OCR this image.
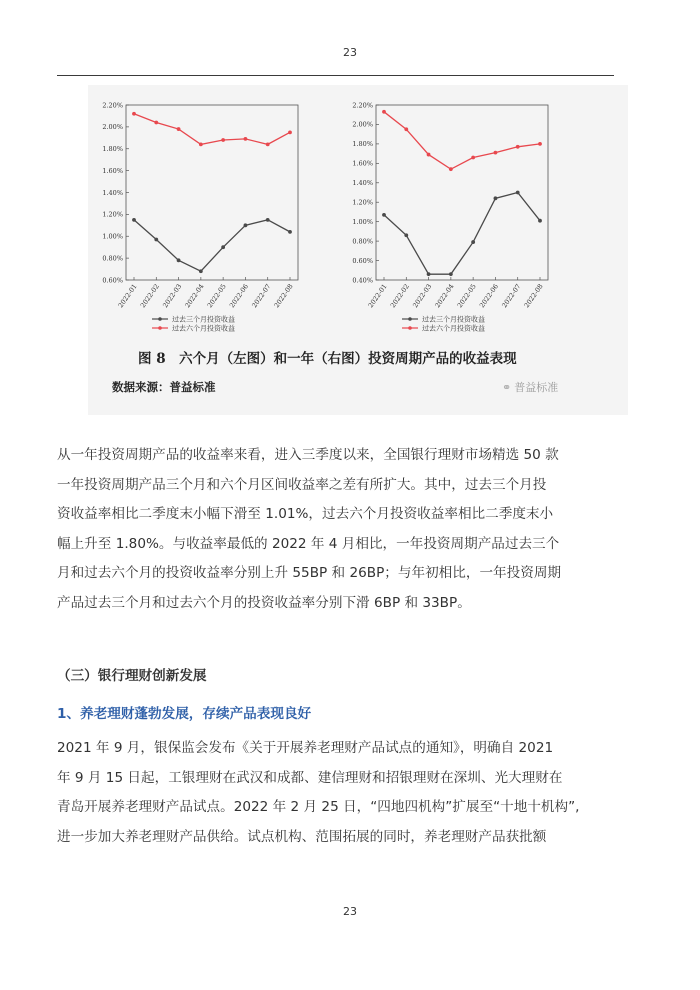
23
0.60%
0.80%
1.00%
1.20%
1.40%
1.60%
1.80%
2.00%
2.20%
2022-01 2022-02 2022-03 2022-04 2022-05 2022-06 2022-07 2022-08
过去三个月投资收益
过去六个月投资收益
0.40%
0.60%
0.80%
1.00%
1.20%
1.40%
1.60%
1.80%
2.00%
2.20%
2022-01 2022-02 2022-03 2022-04 2022-05 2022-06 2022-07 2022-08
过去三个月投资收益
过去六个月投资收益
图 8　六个月（左图）和一年（右图）投资周期产品的收益表现
数据来源：普益标准	⚭ 普益标准
从一年投资周期产品的收益率来看，进入三季度以来，全国银行理财市场精选 50 款
一年投资周期产品三个月和六个月区间收益率之差有所扩大。其中，过去三个月投
资收益率相比二季度末小幅下滑至 1.01%，过去六个月投资收益率相比二季度末小
幅上升至 1.80%。与收益率最低的 2022 年 4 月相比，一年投资周期产品过去三个
月和过去六个月的投资收益率分别上升 55BP 和 26BP；与年初相比，一年投资周期
产品过去三个月和过去六个月的投资收益率分别下滑 6BP 和 33BP。
（三）银行理财创新发展
1、养老理财蓬勃发展，存续产品表现良好
2021 年 9 月，银保监会发布《关于开展养老理财产品试点的通知》，明确自 2021
年 9 月 15 日起，工银理财在武汉和成都、建信理财和招银理财在深圳、光大理财在
青岛开展养老理财产品试点。2022 年 2 月 25 日，“四地四机构”扩展至“十地十机构”,
进一步加大养老理财产品供给。试点机构、范围拓展的同时，养老理财产品获批额
23
